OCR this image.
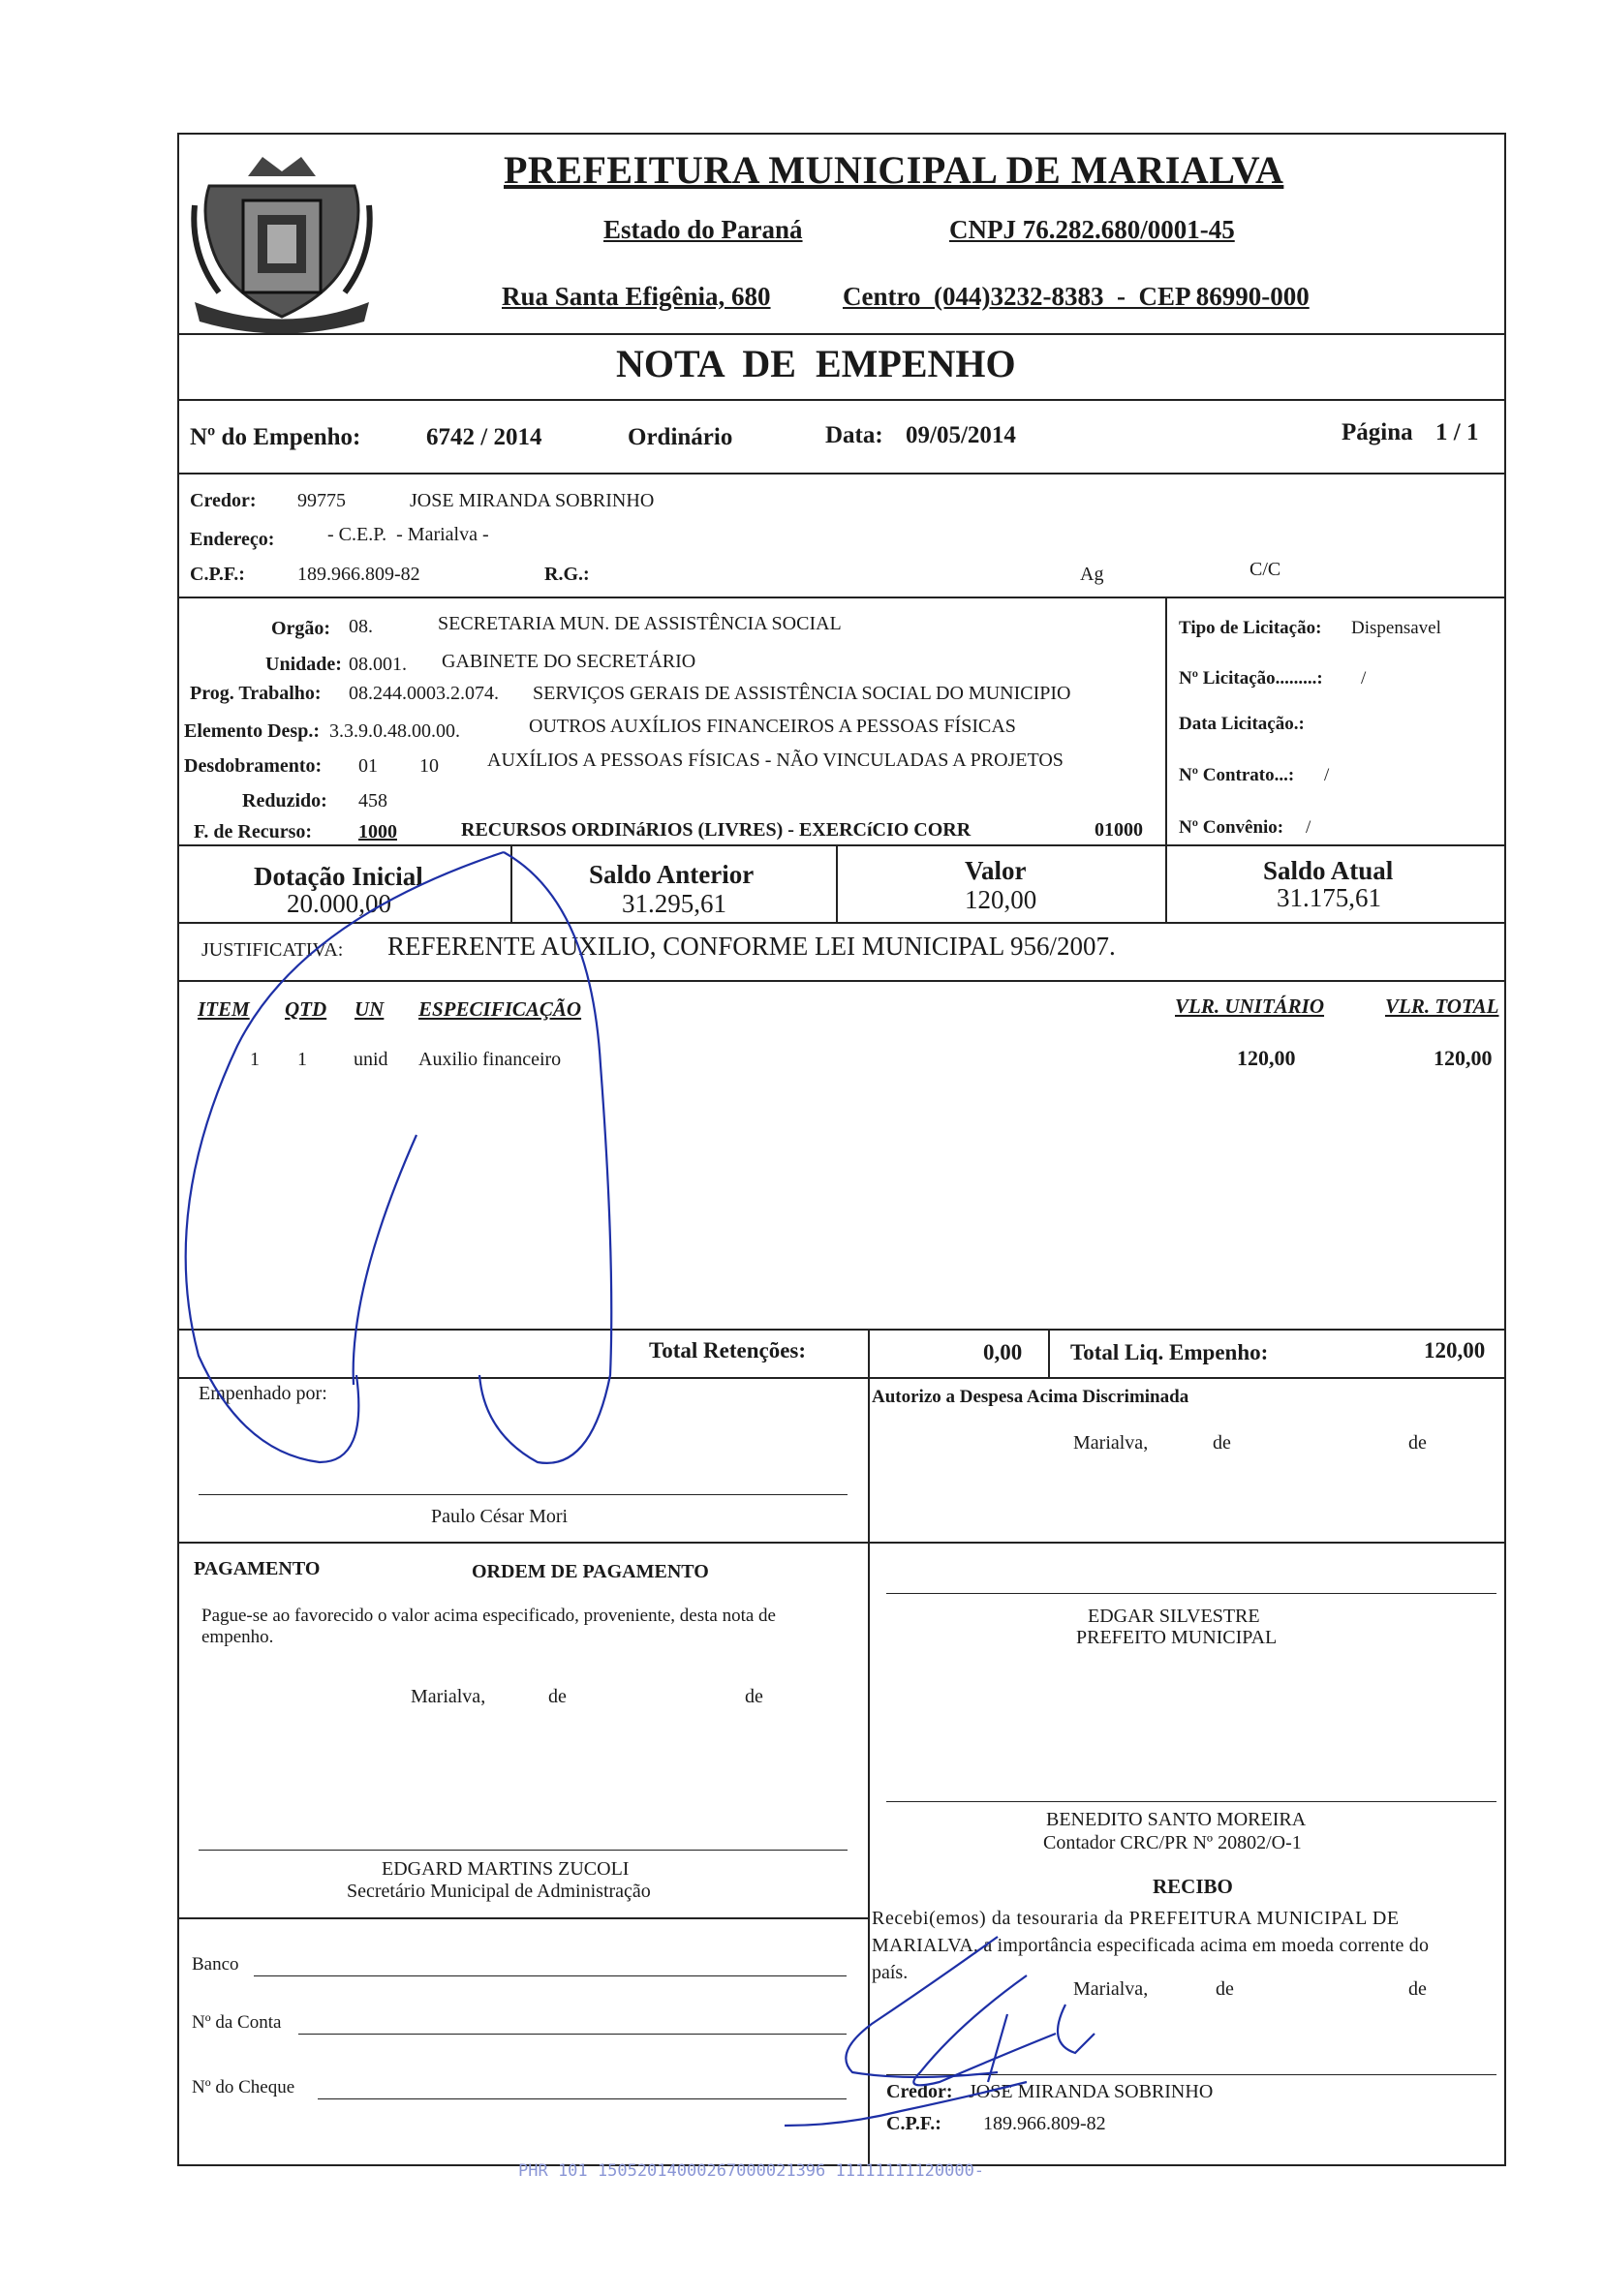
PREFEITURA MUNICIPAL DE MARIALVA
Estado do Paraná	CNPJ 76.282.680/0001-45
Rua Santa Efigênia, 680	Centro  (044)3232-8383  -  CEP 86990-000
NOTA  DE  EMPENHO
Nº do Empenho:	6742 / 2014	Ordinário	Data: 09/05/2014	Página 1 / 1
Credor: 99775	JOSE MIRANDA SOBRINHO
Endereço:	- C.E.P.  - Marialva -
C.P.F.:	189.966.809-82	R.G.:	Ag	C/C
Orgão: 08.	SECRETARIA MUN. DE ASSISTÊNCIA SOCIAL
Unidade: 08.001. GABINETE DO SECRETÁRIO
Prog. Trabalho: 08.244.0003.2.074. SERVIÇOS GERAIS DE ASSISTÊNCIA SOCIAL DO MUNICIPIO
Elemento Desp.: 3.3.9.0.48.00.00.	OUTROS AUXÍLIOS FINANCEIROS A PESSOAS FÍSICAS
Desdobramento: 01 10	AUXÍLIOS A PESSOAS FÍSICAS - NÃO VINCULADAS A PROJETOS
Reduzido: 458
F. de Recurso: 1000	RECURSOS ORDINáRIOS (LIVRES) - EXERCíCIO CORR	01000
Tipo de Licitação: Dispensavel
Nº Licitação.........: /
Data Licitação.:
Nº Contrato...: /
Nº Convênio: /
Dotação Inicial
20.000,00
Saldo Anterior
31.295,61
Valor
120,00
Saldo Atual
31.175,61
JUSTIFICATIVA: REFERENTE AUXILIO, CONFORME LEI MUNICIPAL 956/2007.
ITEM QTD UN ESPECIFICAÇÃO	VLR. UNITÁRIO	VLR. TOTAL
1 1 unid Auxilio financeiro	120,00	120,00
Total Retenções:	0,00 Total Liq. Empenho:	120,00
Empenhado por:
Paulo César Mori
Autorizo a Despesa Acima Discriminada
Marialva,	de	de
PAGAMENTO	ORDEM DE PAGAMENTO
Pague-se ao favorecido o valor acima especificado, proveniente, desta nota de empenho.
Marialva,	de	de
EDGAR SILVESTRE
PREFEITO MUNICIPAL
BENEDITO SANTO MOREIRA
Contador CRC/PR Nº 20802/O-1
EDGARD MARTINS ZUCOLI
Secretário Municipal de Administração
Banco
Nº da Conta
Nº do Cheque
RECIBO
Recebi(emos) da tesouraria da PREFEITURA MUNICIPAL DE
MARIALVA, a importância especificada acima em moeda corrente do
país.
Marialva,	de	de
Credor: JOSE MIRANDA SOBRINHO
C.P.F.: 189.966.809-82
PHR 101 15052014000267000021396 11111111120000-
